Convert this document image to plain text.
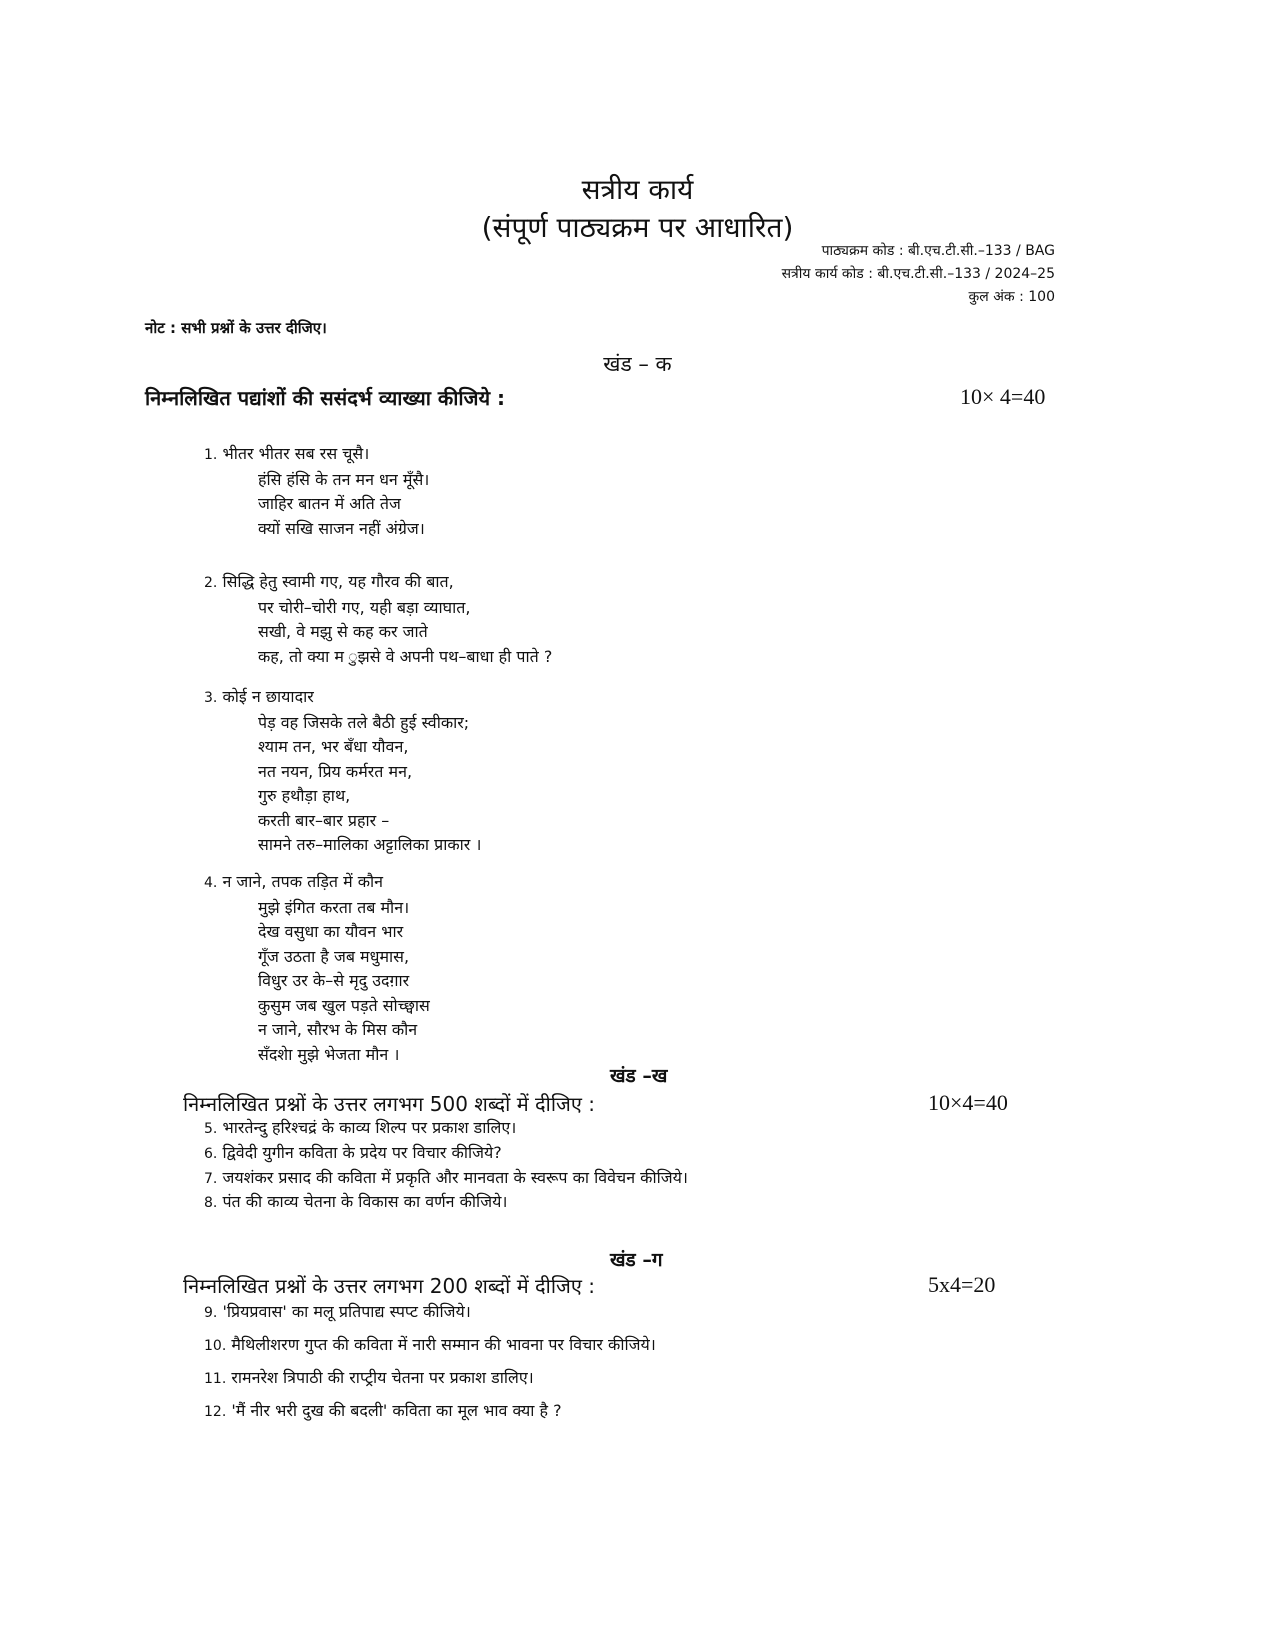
सत्रीय कार्य
(संपूर्ण पाठ्यक्रम पर आधारित)
पाठ्यक्रम कोड : बी.एच.टी.सी.–133 / BAG
सत्रीय कार्य कोड : बी.एच.टी.सी.–133 / 2024–25
कुल अंक : 100
नोट : सभी प्रश्नों के उत्तर दीजिए।
खंड – क
निम्नलिखित पद्यांशों की ससंदर्भ व्याख्या कीजिये :	10× 4=40
1. भीतर भीतर सब रस चूसै।
हंसि हंसि के तन मन धन मूँसै।
जाहिर बातन में अति तेज
क्यों सखि साजन नहीं अंग्रेज।
2. सिद्धि हेतु स्वामी गए, यह गौरव की बात,
पर चोरी–चोरी गए, यही बड़ा व्याघात,
सखी, वे मझु से कह कर जाते
कह, तो क्या म ुझसे वे अपनी पथ–बाधा ही पाते ?
3. कोई न छायादार
पेड़ वह जिसके तले बैठी हुई स्वीकार;
श्याम तन, भर बँधा यौवन,
नत नयन, प्रिय कर्मरत मन,
गुरु हथौड़ा हाथ,
करती बार–बार प्रहार –
सामने तरु–मालिका अट्टालिका प्राकार ।
4. न जाने, तपक तड़ित में कौन
मुझे इंगित करता तब मौन।
देख वसुधा का यौवन भार
गूँज उठता है जब मधुमास,
विधुर उर के–से मृदु उदग़ार
कुसुम जब खुल पड़ते सोच्छ्वास
न जाने, सौरभ के मिस कौन
सँदशेा मुझे भेजता मौन ।
खंड –ख
निम्नलिखित प्रश्नों के उत्तर लगभग 500 शब्दों में दीजिए :	10×4=40
5. भारतेन्दु हरिश्चद्रं के काव्य शिल्प पर प्रकाश डालिए।
6. द्विवेदी युगीन कविता के प्रदेय पर विचार कीजिये?
7. जयशंकर प्रसाद की कविता में प्रकृति और मानवता के स्वरूप का विवेचन कीजिये।
8. पंत की काव्य चेतना के विकास का वर्णन कीजिये।
खंड –ग
निम्नलिखित प्रश्नों के उत्तर लगभग 200 शब्दों में दीजिए :	5x4=20
9. 'प्रियप्रवास' का मलू प्रतिपाद्य स्पप्ट कीजिये।
10. मैथिलीशरण गुप्त की कविता में नारी सम्मान की भावना पर विचार कीजिये।
11. रामनरेश त्रिपाठी की राप्ट्रीय चेतना पर प्रकाश डालिए।
12. 'मैं नीर भरी दुख की बदली' कविता का मूल भाव क्या है ?
